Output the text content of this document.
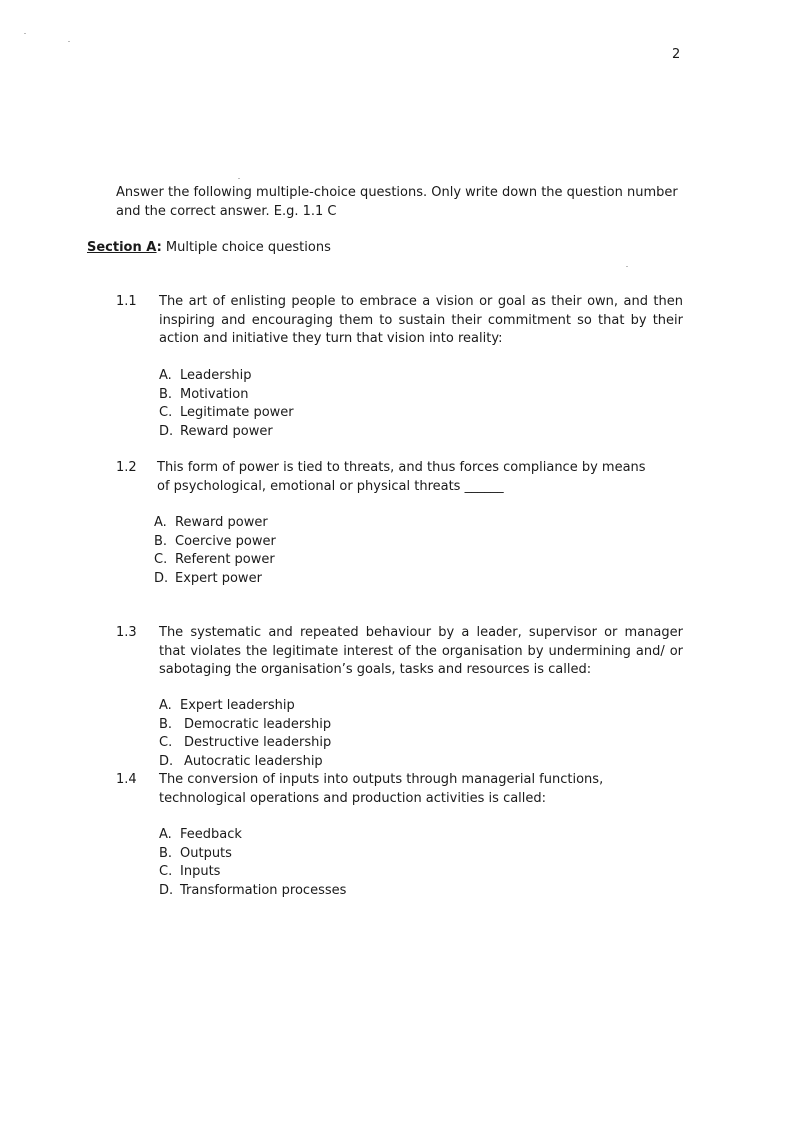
2
Answer the following multiple-choice questions. Only write down the question number and the correct answer. E.g. 1.1 C
Section A: Multiple choice questions
1.1	The art of enlisting people to embrace a vision or goal as their own, and then inspiring and encouraging them to sustain their commitment so that by their action and initiative they turn that vision into reality:
A. Leadership
B. Motivation
C. Legitimate power
D. Reward power
1.2	This form of power is tied to threats, and thus forces compliance by means of psychological, emotional or physical threats ______
A. Reward power
B. Coercive power
C. Referent power
D. Expert power
1.3	The systematic and repeated behaviour by a leader, supervisor or manager that violates the legitimate interest of the organisation by undermining and/ or sabotaging the organisation’s goals, tasks and resources is called:
A. Expert leadership
B. Democratic leadership
C. Destructive leadership
D. Autocratic leadership
1.4	The conversion of inputs into outputs through managerial functions, technological operations and production activities is called:
A. Feedback
B. Outputs
C. Inputs
D. Transformation processes
